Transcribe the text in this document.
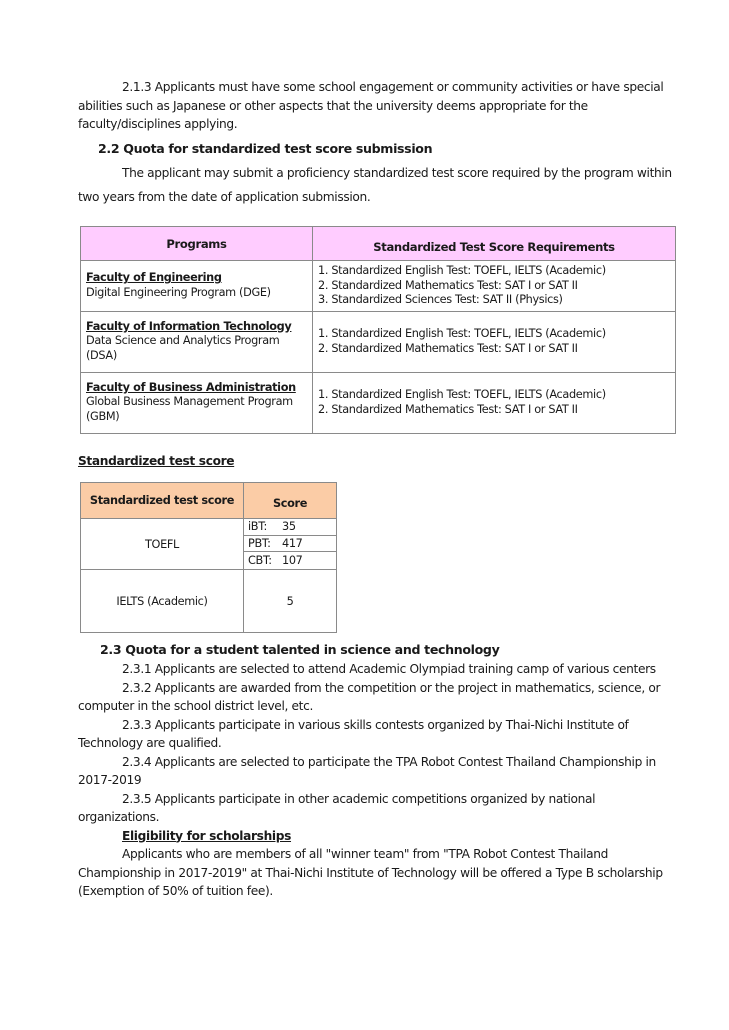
2.1.3 Applicants must have some school engagement or community activities or have special abilities such as Japanese or other aspects that the university deems appropriate for the faculty/disciplines applying.

2.2 Quota for standardized test score submission

The applicant may submit a proficiency standardized test score required by the program within two years from the date of application submission.

Programs	Standardized Test Score Requirements

Faculty of Engineering
Digital Engineering Program (DGE)	1. Standardized English Test: TOEFL, IELTS (Academic)
2. Standardized Mathematics Test: SAT I or SAT II
3. Standardized Sciences Test: SAT II (Physics)

Faculty of Information Technology
Data Science and Analytics Program (DSA)	1. Standardized English Test: TOEFL, IELTS (Academic)
2. Standardized Mathematics Test: SAT I or SAT II

Faculty of Business Administration
Global Business Management Program (GBM)	1. Standardized English Test: TOEFL, IELTS (Academic)
2. Standardized Mathematics Test: SAT I or SAT II

Standardized test score

Standardized test score	Score
TOEFL	iBT: 35
	PBT: 417
	CBT: 107
IELTS (Academic)	5

2.3 Quota for a student talented in science and technology

2.3.1 Applicants are selected to attend Academic Olympiad training camp of various centers

2.3.2 Applicants are awarded from the competition or the project in mathematics, science, or computer in the school district level, etc.

2.3.3 Applicants participate in various skills contests organized by Thai-Nichi Institute of Technology are qualified.

2.3.4 Applicants are selected to participate the TPA Robot Contest Thailand Championship in 2017-2019

2.3.5 Applicants participate in other academic competitions organized by national organizations.

Eligibility for scholarships

Applicants who are members of all "winner team" from "TPA Robot Contest Thailand Championship in 2017-2019" at Thai-Nichi Institute of Technology will be offered a Type B scholarship (Exemption of 50% of tuition fee).
